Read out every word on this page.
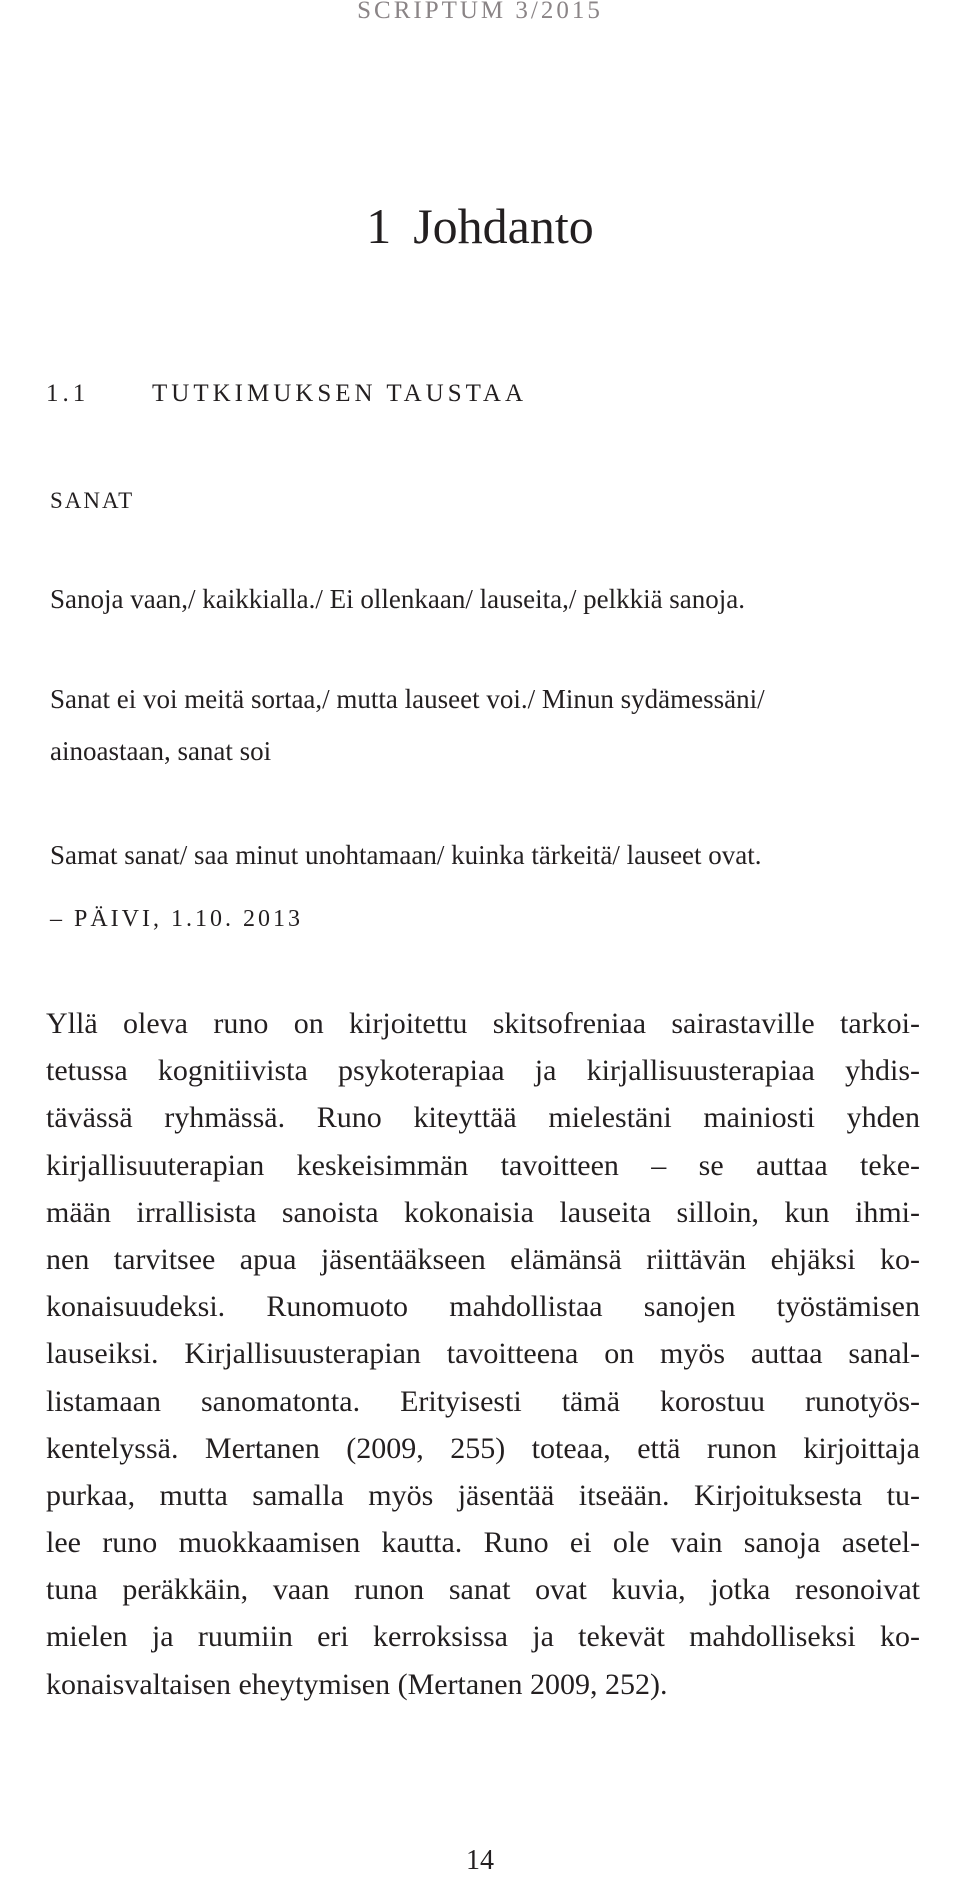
SCRIPTUM 3/2015
1 Johdanto
1.1	TUTKIMUKSEN TAUSTAA
SANAT
Sanoja vaan,/ kaikkialla./ Ei ollenkaan/ lauseita,/ pelkkiä sanoja.
Sanat ei voi meitä sortaa,/ mutta lauseet voi./ Minun sydämessäni/
ainoastaan, sanat soi
Samat sanat/ saa minut unohtamaan/ kuinka tärkeitä/ lauseet ovat.
– PÄIVI, 1.10. 2013
Yllä oleva runo on kirjoitettu skitsofreniaa sairastaville tarkoi-
tetussa kognitiivista psykoterapiaa ja kirjallisuusterapiaa yhdis-
tävässä ryhmässä. Runo kiteyttää mielestäni mainiosti yhden
kirjallisuuterapian keskeisimmän tavoitteen – se auttaa teke-
mään irrallisista sanoista kokonaisia lauseita silloin, kun ihmi-
nen tarvitsee apua jäsentääkseen elämänsä riittävän ehjäksi ko-
konaisuudeksi. Runomuoto mahdollistaa sanojen työstämisen
lauseiksi. Kirjallisuusterapian tavoitteena on myös auttaa sanal-
listamaan sanomatonta. Erityisesti tämä korostuu runotyös-
kentelyssä. Mertanen (2009, 255) toteaa, että runon kirjoittaja
purkaa, mutta samalla myös jäsentää itseään. Kirjoituksesta tu-
lee runo muokkaamisen kautta. Runo ei ole vain sanoja asetel-
tuna peräkkäin, vaan runon sanat ovat kuvia, jotka resonoivat
mielen ja ruumiin eri kerroksissa ja tekevät mahdolliseksi ko-
konaisvaltaisen eheytymisen (Mertanen 2009, 252).
14
